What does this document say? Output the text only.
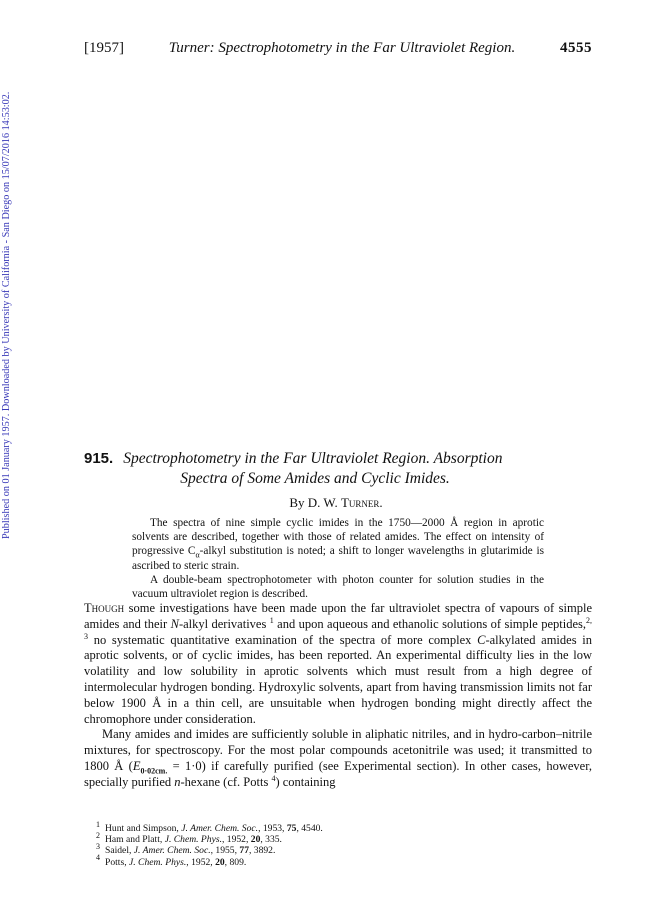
Published on 01 January 1957. Downloaded by University of California - San Diego on 15/07/2016 14:53:02.
[1957]	Turner: Spectrophotometry in the Far Ultraviolet Region.	4555
915. Spectrophotometry in the Far Ultraviolet Region. Absorption
Spectra of Some Amides and Cyclic Imides.
By D. W. Turner.

The spectra of nine simple cyclic imides in the 1750—2000 Å region in aprotic solvents are described, together with those of related amides. The effect on intensity of progressive $C_\alpha$-alkyl substitution is noted; a shift to longer wavelengths in glutarimide is ascribed to steric strain.

A double-beam spectrophotometer with photon counter for solution studies in the vacuum ultraviolet region is described.

Though some investigations have been made upon the far ultraviolet spectra of vapours of simple amides and their N-alkyl derivatives $^1$ and upon aqueous and ethanolic solutions of simple peptides,$^{2, 3}$ no systematic quantitative examination of the spectra of more complex C-alkylated amides in aprotic solvents, or of cyclic imides, has been reported. An experimental difficulty lies in the low volatility and low solubility in aprotic solvents which must result from a high degree of intermolecular hydrogen bonding. Hydroxylic solvents, apart from having transmission limits not far below 1900 Å in a thin cell, are unsuitable when hydrogen bonding might directly affect the chromophore under consideration.

Many amides and imides are sufficiently soluble in aliphatic nitriles, and in hydro-carbon–nitrile mixtures, for spectroscopy. For the most polar compounds acetonitrile was used; it transmitted to 1800 Å $(E_{0\cdot 02cm.} = 1\cdot 0)$ if carefully purified (see Experimental section). In other cases, however, specially purified n-hexane (cf. Potts $^4$) containing

$^1$ Hunt and Simpson, J. Amer. Chem. Soc., 1953, 75, 4540.
$^2$ Ham and Platt, J. Chem. Phys., 1952, 20, 335.
$^3$ Saidel, J. Amer. Chem. Soc., 1955, 77, 3892.
$^4$ Potts, J. Chem. Phys., 1952, 20, 809.
